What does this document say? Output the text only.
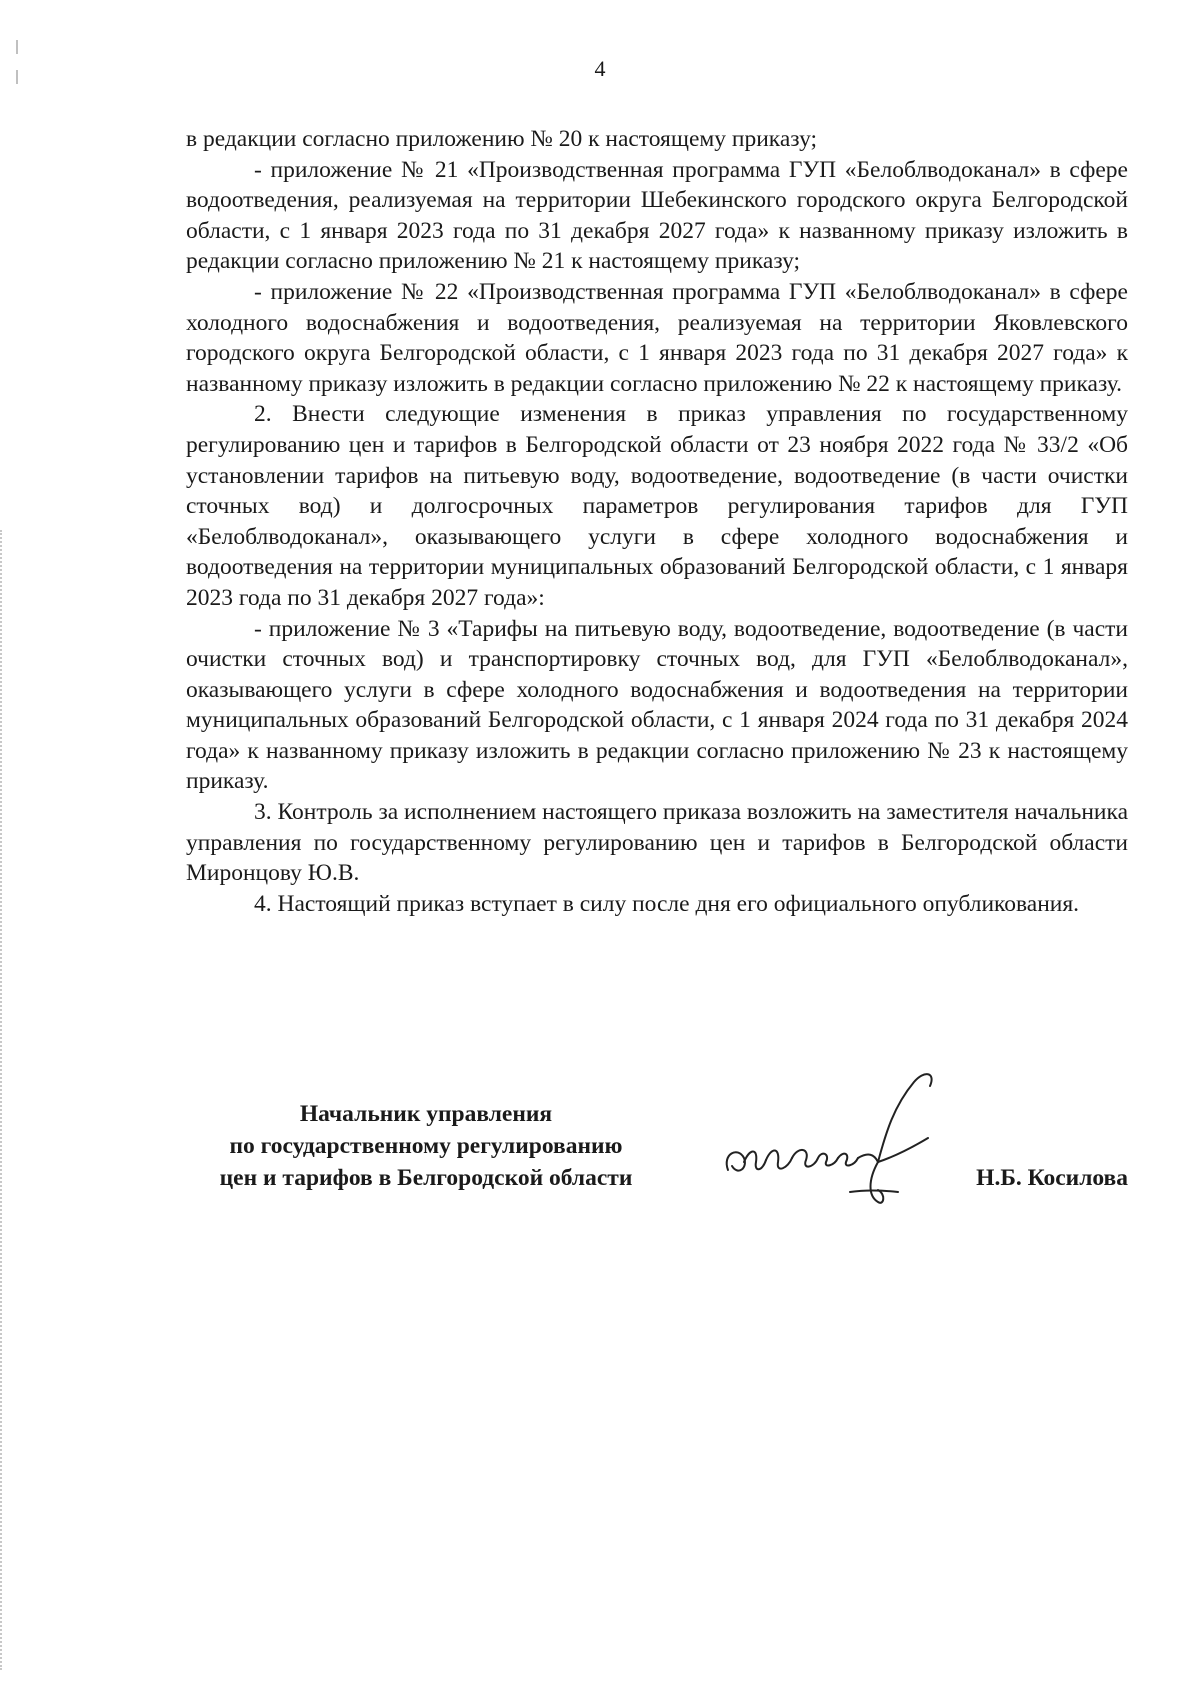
4

в редакции согласно приложению № 20 к настоящему приказу;

- приложение № 21 «Производственная программа ГУП «Белоблводоканал» в сфере водоотведения, реализуемая на территории Шебекинского городского округа Белгородской области, с 1 января 2023 года по 31 декабря 2027 года» к названному приказу изложить в редакции согласно приложению № 21 к настоящему приказу;

- приложение № 22 «Производственная программа ГУП «Белоблводоканал» в сфере холодного водоснабжения и водоотведения, реализуемая на территории Яковлевского городского округа Белгородской области, с 1 января 2023 года по 31 декабря 2027 года» к названному приказу изложить в редакции согласно приложению № 22 к настоящему приказу.

2. Внести следующие изменения в приказ управления по государственному регулированию цен и тарифов в Белгородской области от 23 ноября 2022 года № 33/2 «Об установлении тарифов на питьевую воду, водоотведение, водоотведение (в части очистки сточных вод) и долгосрочных параметров регулирования тарифов для ГУП «Белоблводоканал», оказывающего услуги в сфере холодного водоснабжения и водоотведения на территории муниципальных образований Белгородской области, с 1 января 2023 года по 31 декабря 2027 года»:

- приложение № 3 «Тарифы на питьевую воду, водоотведение, водоотведение (в части очистки сточных вод) и транспортировку сточных вод, для ГУП «Белоблводоканал», оказывающего услуги в сфере холодного водоснабжения и водоотведения на территории муниципальных образований Белгородской области, с 1 января 2024 года по 31 декабря 2024 года» к названному приказу изложить в редакции согласно приложению № 23 к настоящему приказу.

3. Контроль за исполнением настоящего приказа возложить на заместителя начальника управления по государственному регулированию цен и тарифов в Белгородской области Миронцову Ю.В.

4. Настоящий приказ вступает в силу после дня его официального опубликования.

Начальник управления
по государственному регулированию
цен и тарифов в Белгородской области	Н.Б. Косилова
